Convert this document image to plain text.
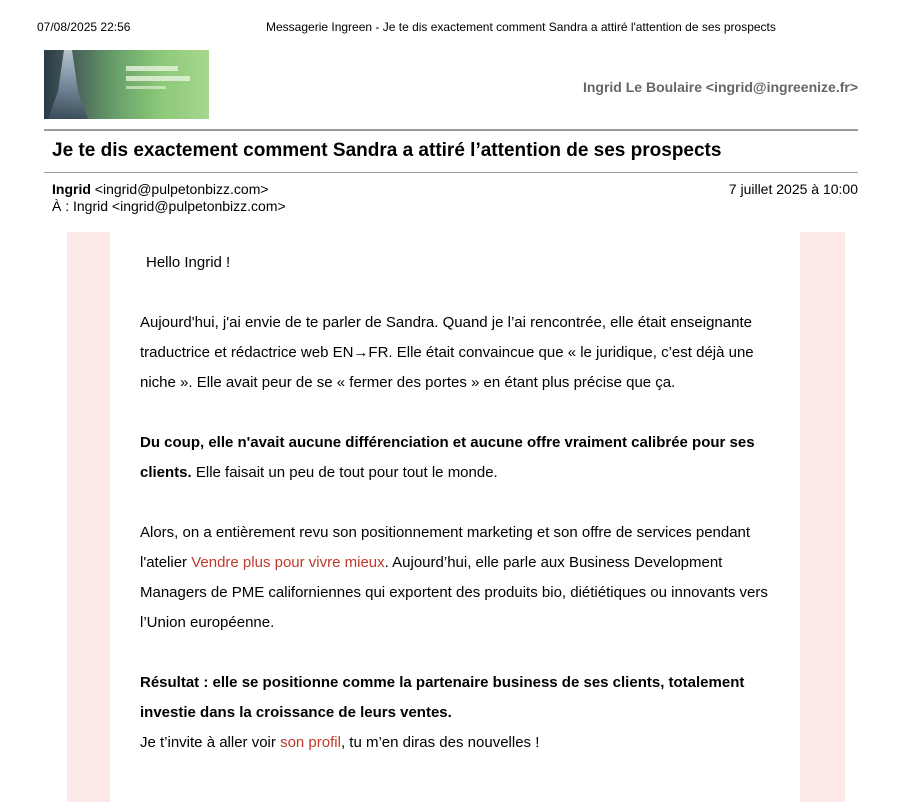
07/08/2025 22:56	Messagerie Ingreen - Je te dis exactement comment Sandra a attiré l'attention de ses prospects
Ingrid Le Boulaire <ingrid@ingreenize.fr>
Je te dis exactement comment Sandra a attiré l’attention de ses prospects
Ingrid <ingrid@pulpetonbizz.com>
À : Ingrid <ingrid@pulpetonbizz.com>
7 juillet 2025 à 10:00

Hello Ingrid !

Aujourd'hui, j'ai envie de te parler de Sandra. Quand je l’ai rencontrée, elle était enseignante traductrice et rédactrice web EN→FR. Elle était convaincue que « le juridique, c’est déjà une niche ». Elle avait peur de se « fermer des portes » en étant plus précise que ça.

Du coup, elle n'avait aucune différenciation et aucune offre vraiment calibrée pour ses clients. Elle faisait un peu de tout pour tout le monde.

Alors, on a entièrement revu son positionnement marketing et son offre de services pendant l'atelier Vendre plus pour vivre mieux. Aujourd’hui, elle parle aux Business Development Managers de PME californiennes qui exportent des produits bio, diétiétiques ou innovants vers l’Union européenne.

Résultat : elle se positionne comme la partenaire business de ses clients, totalement investie dans la croissance de leurs ventes.

Je t’invite à aller voir son profil, tu m’en diras des nouvelles !
